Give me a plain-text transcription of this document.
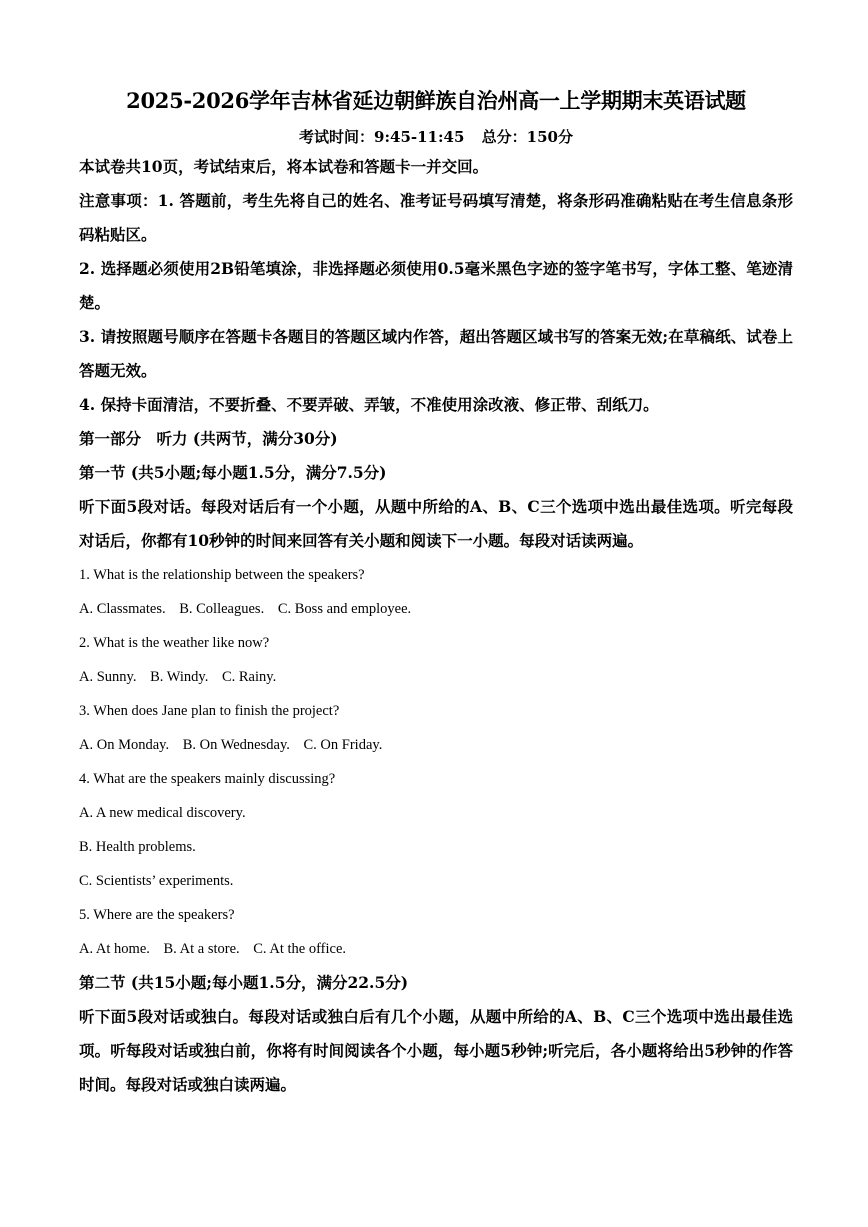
2025-2026学年吉林省延边朝鲜族自治州高一上学期期末英语试题
考试时间：9:45-11:45 总分：150分

本试卷共10页，考试结束后，将本试卷和答题卡一并交回。

注意事项：1. 答题前，考生先将自己的姓名、准考证号码填写清楚，将条形码准确粘贴在考生信息条形码粘贴区。

2. 选择题必须使用2B铅笔填涂，非选择题必须使用0.5毫米黑色字迹的签字笔书写，字体工整、笔迹清楚。

3. 请按照题号顺序在答题卡各题目的答题区域内作答，超出答题区域书写的答案无效;在草稿纸、试卷上答题无效。

4. 保持卡面清洁，不要折叠、不要弄破、弄皱，不准使用涂改液、修正带、刮纸刀。

第一部分　听力 (共两节，满分30分)

第一节 (共5小题;每小题1.5分，满分7.5分)

听下面5段对话。每段对话后有一个小题，从题中所给的A、B、C三个选项中选出最佳选项。听完每段对话后，你都有10秒钟的时间来回答有关小题和阅读下一小题。每段对话读两遍。

1. What is the relationship between the speakers?

A. Classmates. B. Colleagues. C. Boss and employee.

2. What is the weather like now?

A. Sunny. B. Windy. C. Rainy.

3. When does Jane plan to finish the project?

A. On Monday. B. On Wednesday. C. On Friday.

4. What are the speakers mainly discussing?

A. A new medical discovery.

B. Health problems.

C. Scientists’ experiments.

5. Where are the speakers?

A. At home. B. At a store. C. At the office.

第二节 (共15小题;每小题1.5分，满分22.5分)

听下面5段对话或独白。每段对话或独白后有几个小题，从题中所给的A、B、C三个选项中选出最佳选项。听每段对话或独白前，你将有时间阅读各个小题，每小题5秒钟;听完后，各小题将给出5秒钟的作答时间。每段对话或独白读两遍。
